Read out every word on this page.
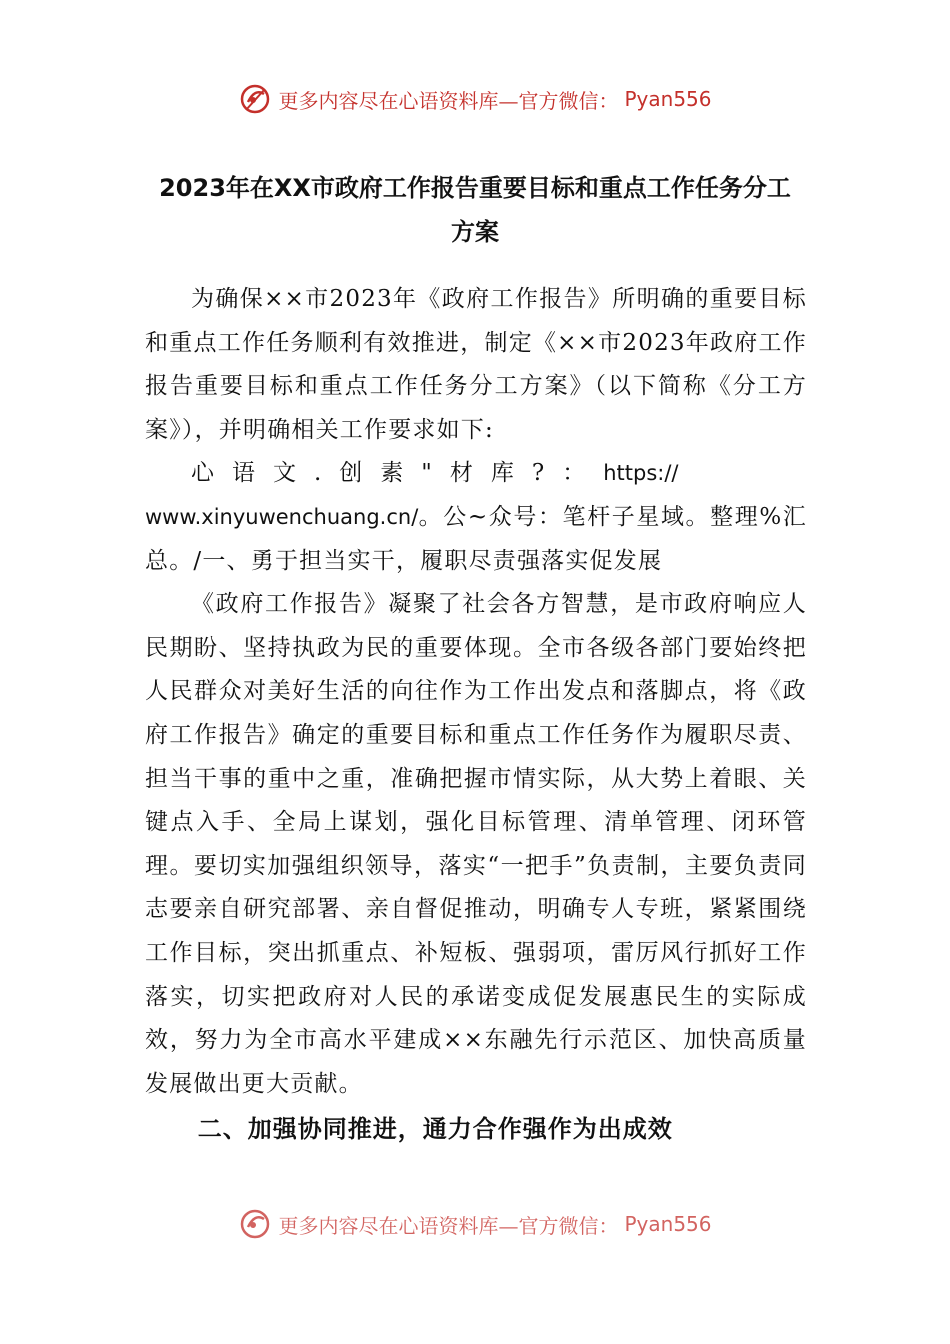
更多内容尽在心语资料库—官方微信： Pyan556
2023年在XX市政府工作报告重要目标和重点工作任务分工
方案

为确保××市2023年《政府工作报告》所明确的重要目标和重点工作任务顺利有效推进，制定《××市2023年政府工作报告重要目标和重点工作任务分工方案》（以下简称《分工方案》），并明确相关工作要求如下:

心语文.创素"材库?：https://
www.xinyuwenchuang.cn/。公~众号：笔杆子星域。整理%汇总。/一、勇于担当实干，履职尽责强落实促发展

《政府工作报告》凝聚了社会各方智慧，是市政府响应人民期盼、坚持执政为民的重要体现。全市各级各部门要始终把人民群众对美好生活的向往作为工作出发点和落脚点，将《政府工作报告》确定的重要目标和重点工作任务作为履职尽责、担当干事的重中之重，准确把握市情实际，从大势上着眼、关键点入手、全局上谋划，强化目标管理、清单管理、闭环管理。要切实加强组织领导，落实“一把手”负责制，主要负责同志要亲自研究部署、亲自督促推动，明确专人专班，紧紧围绕工作目标，突出抓重点、补短板、强弱项，雷厉风行抓好工作落实，切实把政府对人民的承诺变成促发展惠民生的实际成效，努力为全市高水平建成××东融先行示范区、加快高质量发展做出更大贡献。

二、加强协同推进，通力合作强作为出成效
更多内容尽在心语资料库—官方微信： Pyan556
